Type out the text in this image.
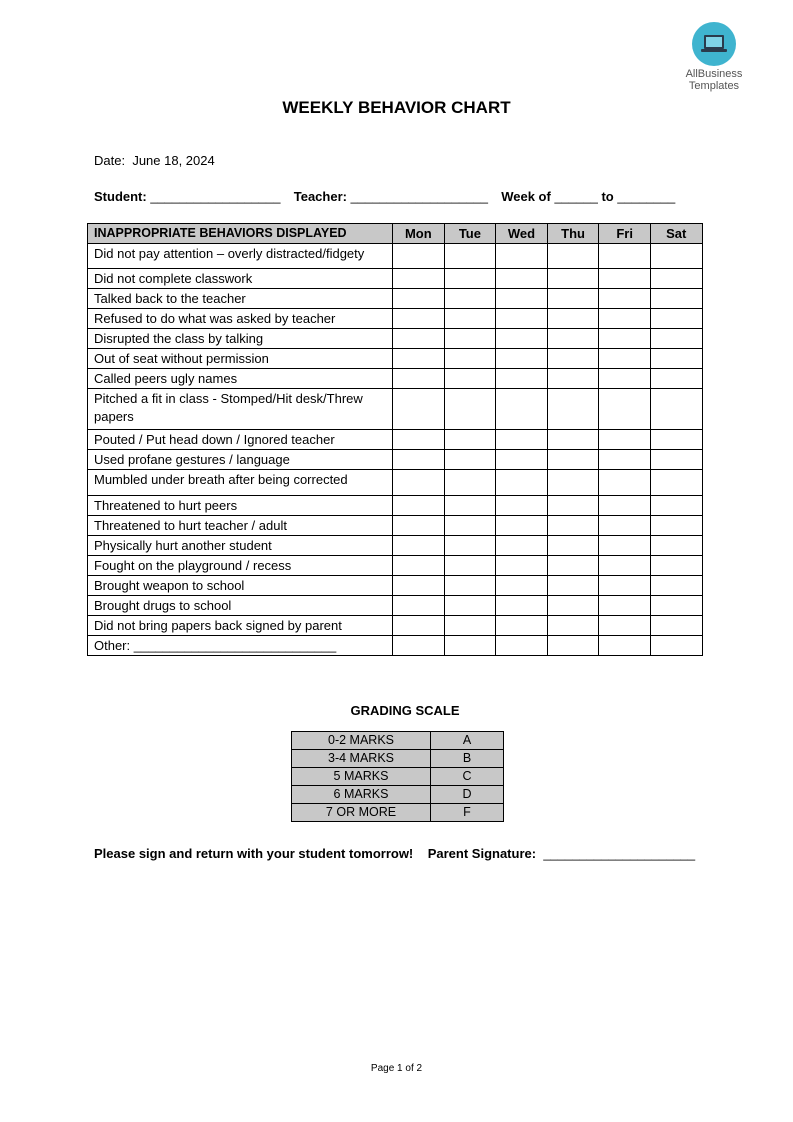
AllBusiness
Templates
WEEKLY BEHAVIOR CHART
Date: June 18, 2024
Student: __________________ Teacher: ___________________ Week of ______ to ________
INAPPROPRIATE BEHAVIORS DISPLAYED	Mon	Tue	Wed	Thu	Fri	Sat
Did not pay attention – overly distracted/fidgety						
Did not complete classwork						
Talked back to the teacher						
Refused to do what was asked by teacher						
Disrupted the class by talking						
Out of seat without permission						
Called peers ugly names						
Pitched a fit in class - Stomped/Hit desk/Threw papers						
Pouted / Put head down / Ignored teacher						
Used profane gestures / language						
Mumbled under breath after being corrected						
Threatened to hurt peers						
Threatened to hurt teacher / adult						
Physically hurt another student						
Fought on the playground / recess						
Brought weapon to school						
Brought drugs to school						
Did not bring papers back signed by parent						
Other: ____________________________						
GRADING SCALE
0-2 MARKS	A
3-4 MARKS	B
5 MARKS	C
6 MARKS	D
7 OR MORE	F
Please sign and return with your student tomorrow! Parent Signature: _____________________
Page 1 of 2
